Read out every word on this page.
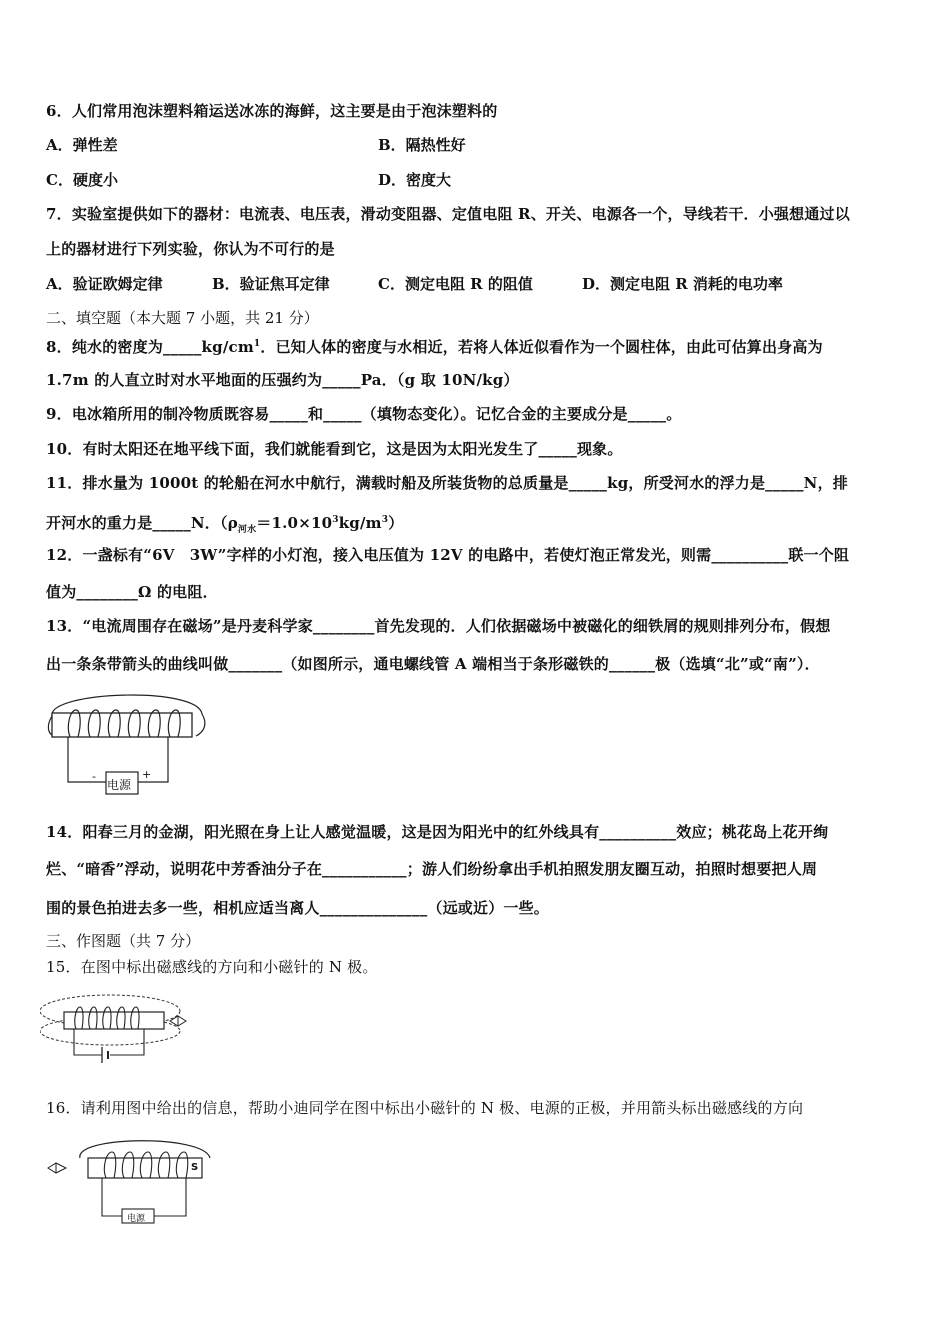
6．人们常用泡沫塑料箱运送冰冻的海鲜，这主要是由于泡沫塑料的
A．弹性差	B．隔热性好
C．硬度小	D．密度大
7．实验室提供如下的器材：电流表、电压表，滑动变阻器、定值电阻 R、开关、电源各一个，导线若干．小强想通过以
上的器材进行下列实验，你认为不可行的是
A．验证欧姆定律	B．验证焦耳定律	C．测定电阻 R 的阻值	D．测定电阻 R 消耗的电功率
二、填空题（本大题 7 小题，共 21 分）
8．纯水的密度为$\_\_\_\_\_kg/cm^1$．已知人体的密度与水相近，若将人体近似看作为一个圆柱体，由此可估算出身高为
1.7m 的人直立时对水平地面的压强约为_____Pa．（g 取 10N/kg）
9．电冰箱所用的制冷物质既容易_____和_____（填物态变化）。记忆合金的主要成分是_____。
10．有时太阳还在地平线下面，我们就能看到它，这是因为太阳光发生了_____现象。
11．排水量为 1000t 的轮船在河水中航行，满载时船及所装货物的总质量是_____kg，所受河水的浮力是_____N，排
开河水的重力是_____N．$(\rho_{河水}=1.0\times 10^3kg/m^3)$
12．一盏标有“6V　3W”字样的小灯泡，接入电压值为 12V 的电路中，若使灯泡正常发光，则需__________联一个阻
值为________Ω 的电阻．
13．“电流周围存在磁场”是丹麦科学家________首先发现的．人们依据磁场中被磁化的细铁屑的规则排列分布，假想
出一条条带箭头的曲线叫做_______（如图所示，通电螺线管 A 端相当于条形磁铁的______极（选填“北”或“南”）．
电源
-	+
14．阳春三月的金湖，阳光照在身上让人感觉温暖，这是因为阳光中的红外线具有__________效应；桃花岛上花开绚
烂、“暗香”浮动，说明花中芳香油分子在___________；游人们纷纷拿出手机拍照发朋友圈互动，拍照时想要把人周
围的景色拍进去多一些，相机应适当离人______________（远或近）一些。
三、作图题（共 7 分）
15．在图中标出磁感线的方向和小磁针的 N 极。
16．请利用图中给出的信息，帮助小迪同学在图中标出小磁针的 N 极、电源的正极，并用箭头标出磁感线的方向
S
电源
